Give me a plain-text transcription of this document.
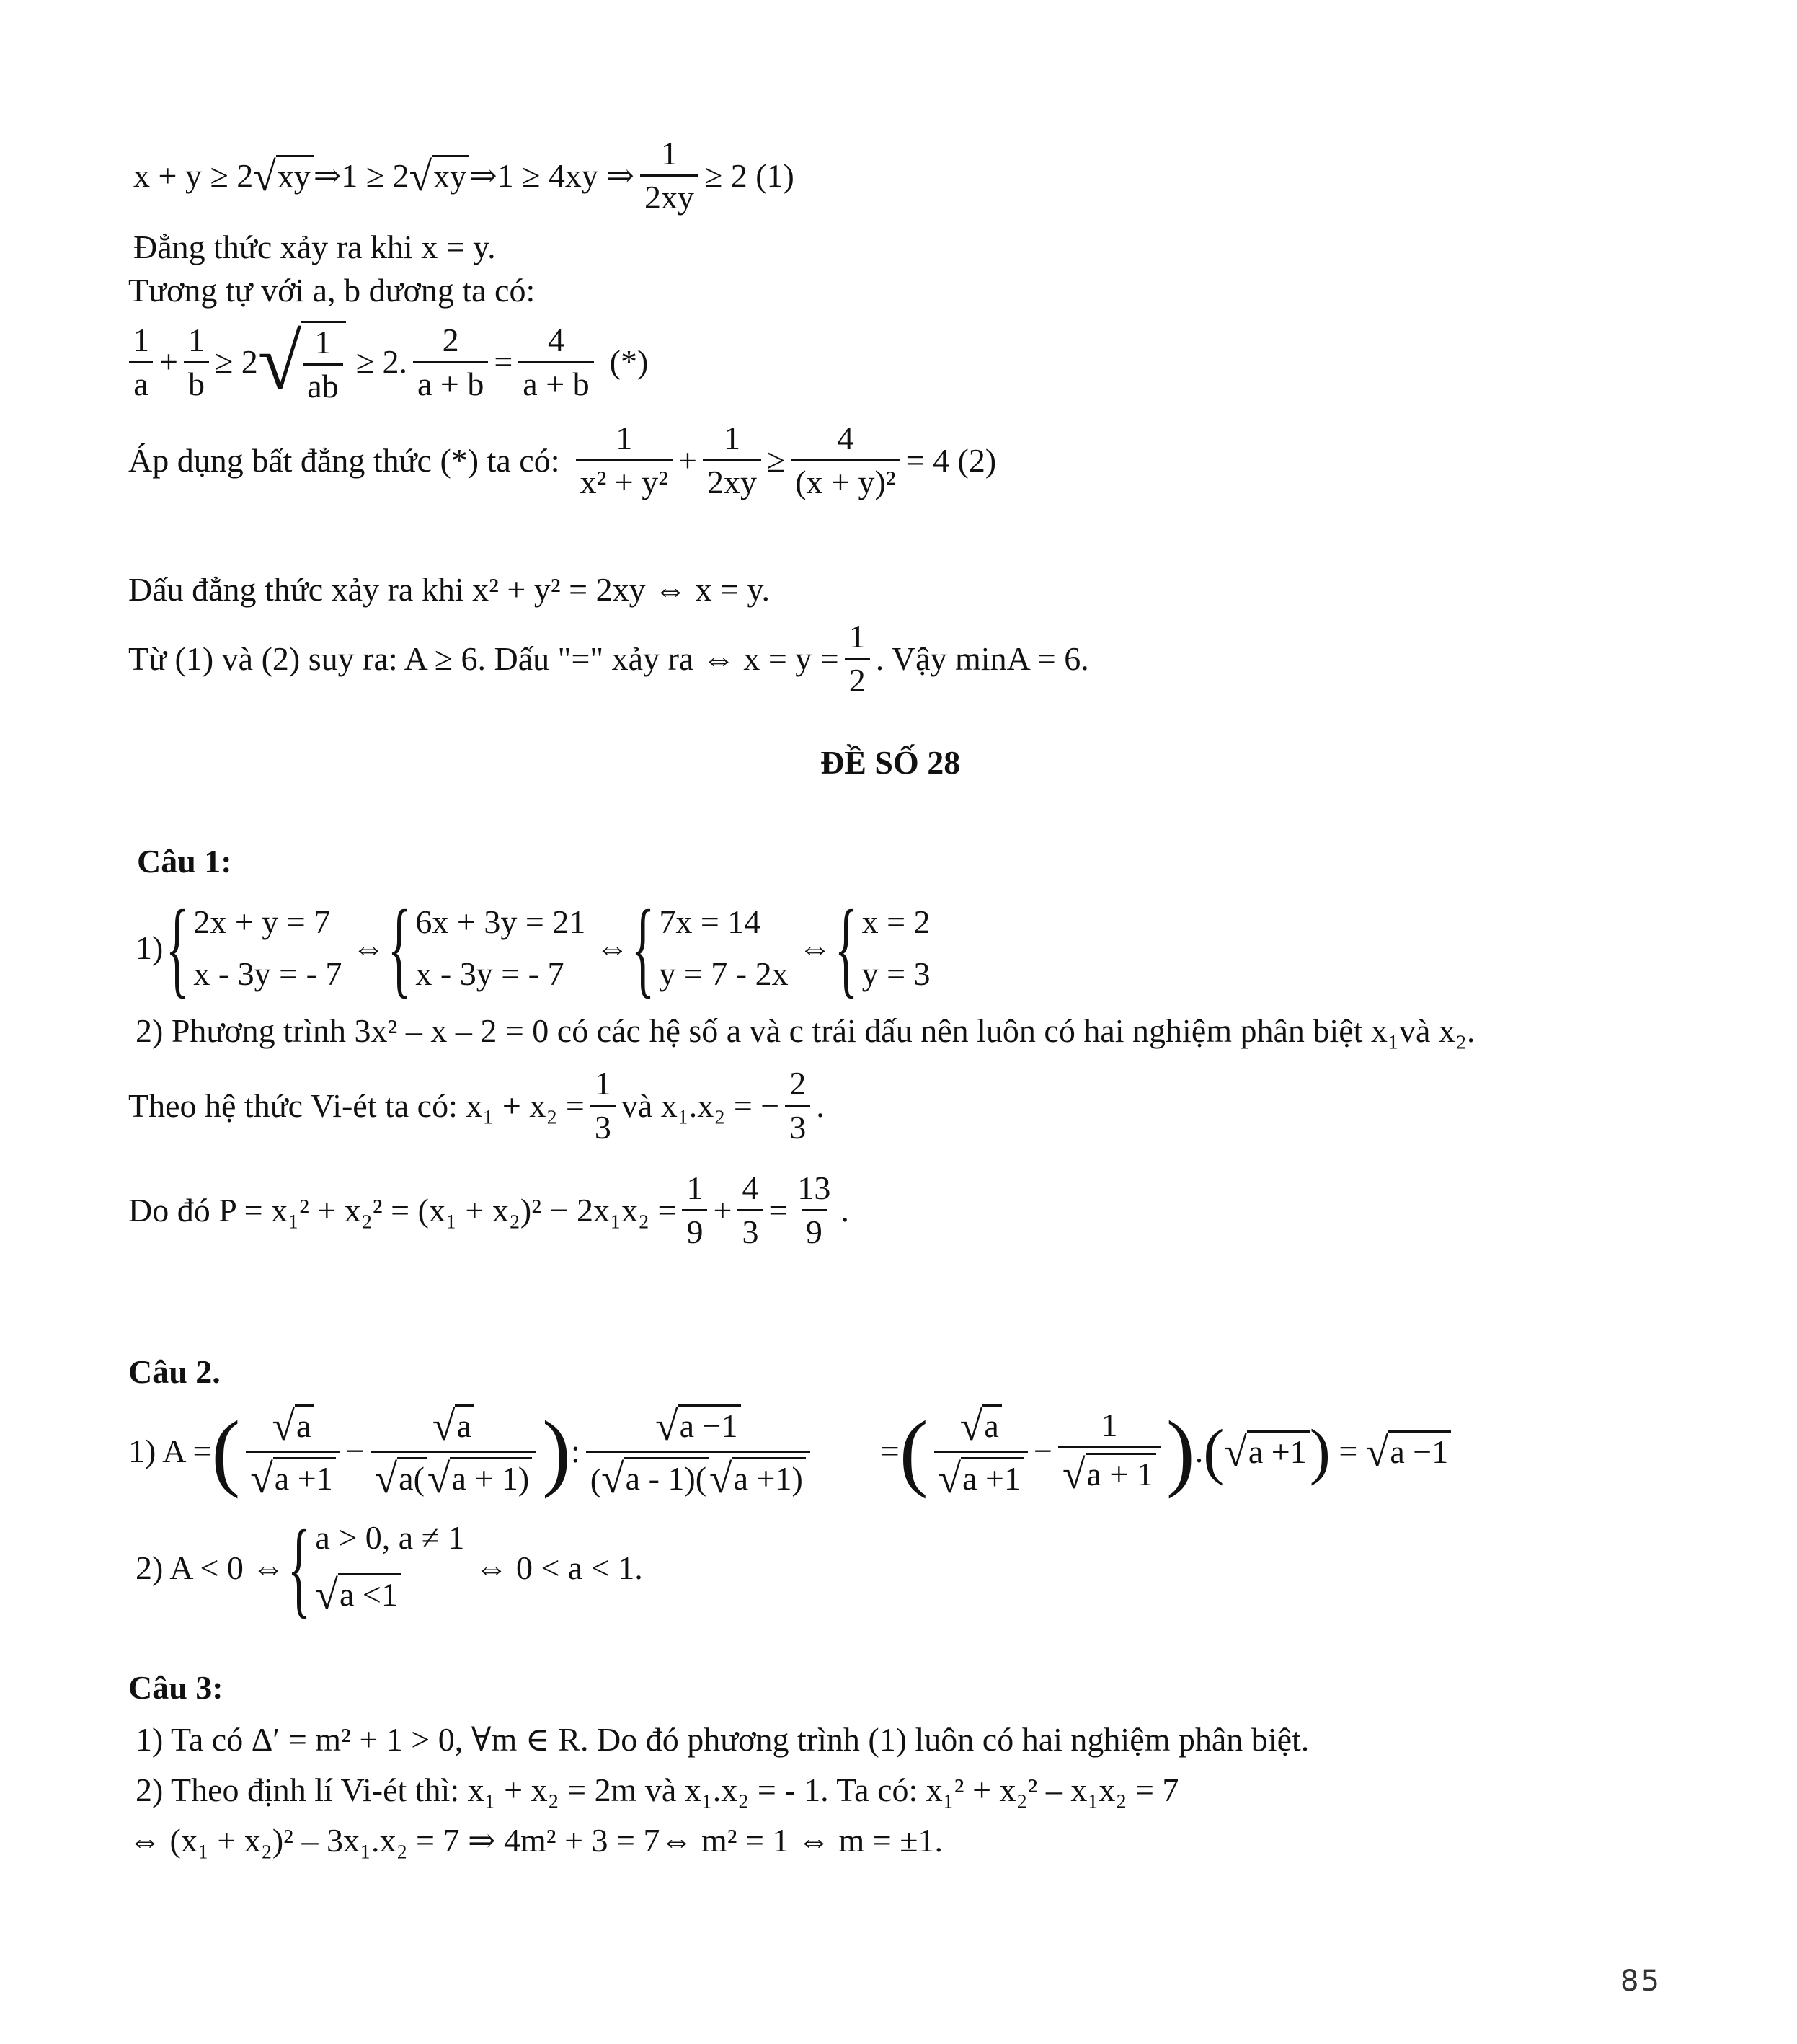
x + y ≥ 2 √ xy ⇒1 ≥ 2 √ xy ⇒1 ≥ 4xy ⇒ $\frac{1}{2xy} \ge 2$ (1)
Đẳng thức xảy ra khi x = y.
Tương tự với a, b dương ta có:
$\frac{1}{a} + \frac{1}{b} \ge 2$ √ $\frac{1}{ab} \ge 2$. $\frac{2}{a + b} = \frac{4}{a + b}$ (*)
Áp dụng bất đẳng thức (*) ta có: $\frac{1}{\text{x² + y²}} + \frac{1}{2xy} \ge \frac{4}{\text{(x + y)²}} = 4$ (2)
Dấu đẳng thức xảy ra khi x² + y² = 2xy ⇔ x = y.
Từ (1) và (2) suy ra: A ≥ 6. Dấu "=" xảy ra ⇔ $x = y = \frac{1}{2}$ . Vậy minA = 6.
ĐỀ SỐ 28
Câu 1:
1) { 2x + y = 7
x - 3y = - 7
⇔ { 6x + 3y = 21
x - 3y = - 7
⇔ { 7x = 14
y = 7 - 2x
⇔ { x = 2
y = 3
2) Phương trình 3x² – x – 2 = 0 có các hệ số a và c trái dấu nên luôn có hai nghiệm phân biệt x₁và x₂.
Theo hệ thức Vi-ét ta có: $x_1 + x_2 = \frac{1}{3}$ và x₁.x₂ = − $\frac{2}{3}$ .
Do đó $P = x_1^2 + x_2^2 = (x_1 + x_2)^2 - 2x_1x_2 = \frac{1}{9} + \frac{4}{3} = \frac{13}{9}$ .
Câu 2.
1) A = ( $\frac{√ a}{√ a +1} - \frac{√ a}{√ a( √ a + 1)}$ ) : $\frac{√ a -1}{( √ a - 1)( √ a +1)}$ = ( $\frac{√ a}{√ a +1} - \frac{1}{√ a + 1}$ ) . ( √ a +1 ) = √ a −1
2) A < 0 ⇔ { a > 0, a ≠ 1
√ a <1
⇔ 0 < a < 1.
Câu 3:
1) Ta có Δ′ = m² + 1 > 0, ∀m ∈ R. Do đó phương trình (1) luôn có hai nghiệm phân biệt.
2) Theo định lí Vi-ét thì: x₁ + x₂ = 2m và x₁.x₂ = - 1. Ta có: x₁² + x₂² – x₁x₂ = 7
⇔ (x₁ + x₂)² – 3x₁.x₂ = 7 ⇒ 4m² + 3 = 7⇔ m² = 1 ⇔ m = ±1.
85
